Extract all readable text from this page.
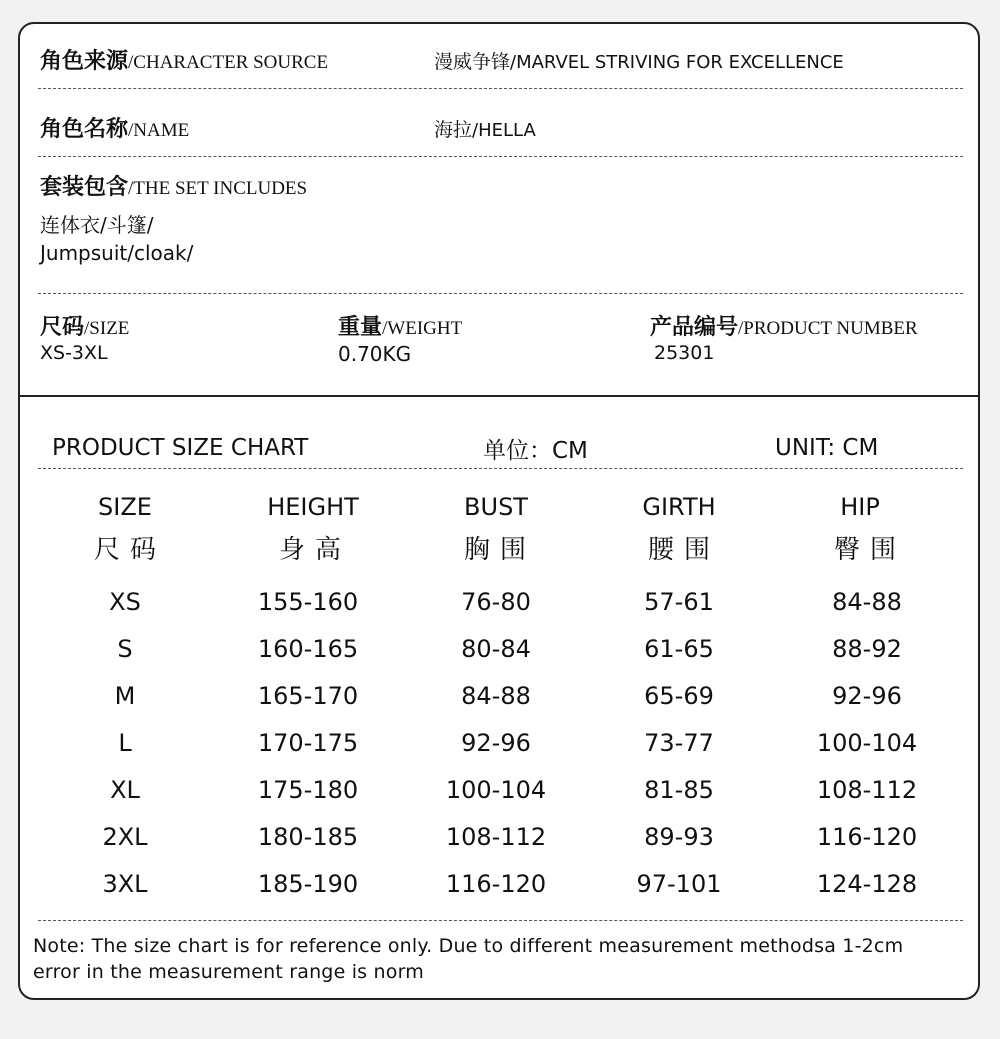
角色来源/CHARACTER SOURCE	漫威争锋/MARVEL STRIVING FOR EXCELLENCE
角色名称/NAME	海拉/HELLA
套装包含/THE SET INCLUDES
连体衣/斗篷/
Jumpsuit/cloak/
尺码/SIZE
XS-3XL
重量/WEIGHT
0.70KG
产品编号/PRODUCT NUMBER
25301
PRODUCT SIZE CHART	单位：CM	UNIT: CM
SIZE	HEIGHT	BUST	GIRTH	HIP
尺码	身高	胸围	腰围	臀围
XS	155-160	76-80	57-61	84-88
S	160-165	80-84	61-65	88-92
M	165-170	84-88	65-69	92-96
L	170-175	92-96	73-77	100-104
XL	175-180	100-104	81-85	108-112
2XL	180-185	108-112	89-93	116-120
3XL	185-190	116-120	97-101	124-128
Note: The size chart is for reference only. Due to different measurement methodsa 1-2cm
error in the measurement range is norm
